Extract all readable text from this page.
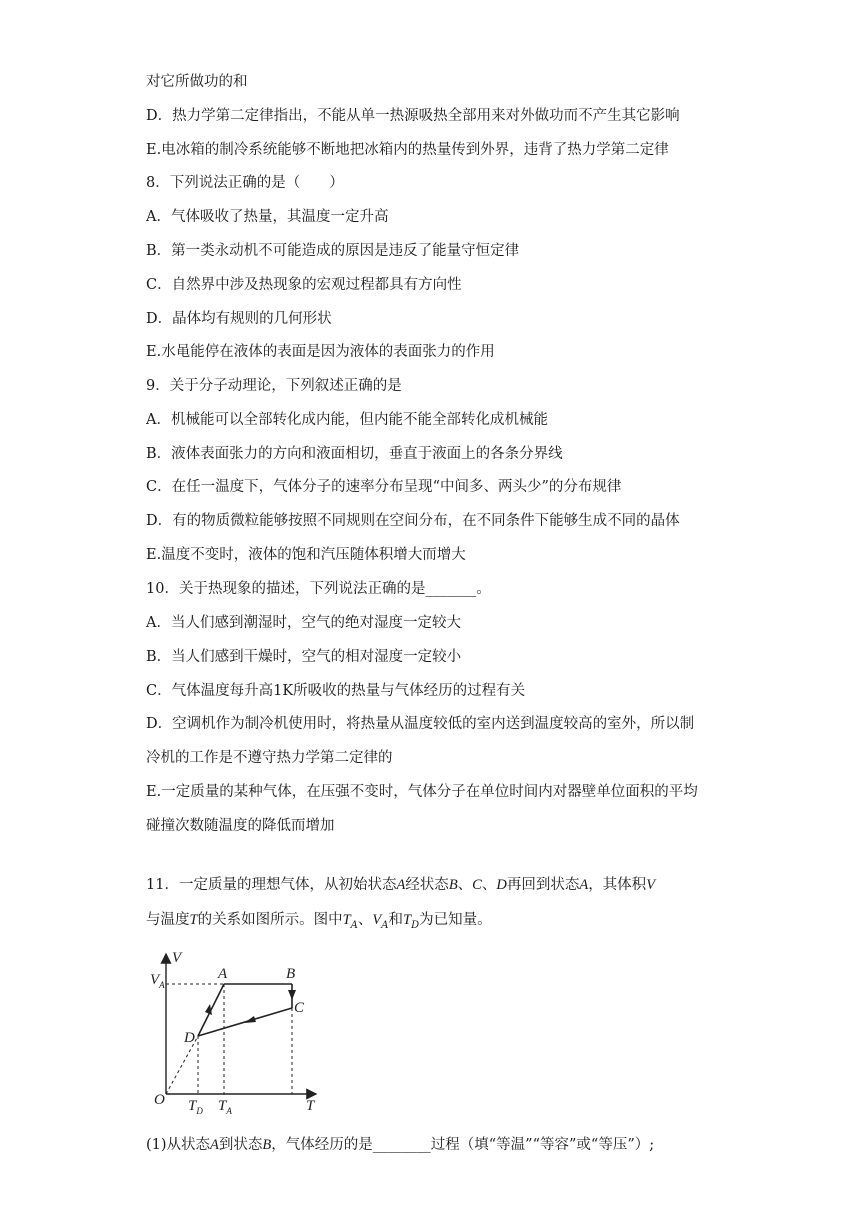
对它所做功的和
D．热力学第二定律指出，不能从单一热源吸热全部用来对外做功而不产生其它影响
E.电冰箱的制冷系统能够不断地把冰箱内的热量传到外界，违背了热力学第二定律
8．下列说法正确的是（　　）
A．气体吸收了热量，其温度一定升高
B．第一类永动机不可能造成的原因是违反了能量守恒定律
C．自然界中涉及热现象的宏观过程都具有方向性
D．晶体均有规则的几何形状
E.水黾能停在液体的表面是因为液体的表面张力的作用
9．关于分子动理论，下列叙述正确的是
A．机械能可以全部转化成内能，但内能不能全部转化成机械能
B．液体表面张力的方向和液面相切，垂直于液面上的各条分界线
C．在任一温度下，气体分子的速率分布呈现“中间多、两头少”的分布规律
D．有的物质微粒能够按照不同规则在空间分布，在不同条件下能够生成不同的晶体
E.温度不变时，液体的饱和汽压随体积增大而增大
10．关于热现象的描述，下列说法正确的是_______。
A．当人们感到潮湿时，空气的绝对湿度一定较大
B．当人们感到干燥时，空气的相对湿度一定较小
C．气体温度每升高1K所吸收的热量与气体经历的过程有关
D．空调机作为制冷机使用时，将热量从温度较低的室内送到温度较高的室外，所以制
冷机的工作是不遵守热力学第二定律的
E.一定质量的某种气体，在压强不变时，气体分子在单位时间内对器壁单位面积的平均
碰撞次数随温度的降低而增加
11．一定质量的理想气体，从初始状态A经状态B、C、D再回到状态A，其体积V
与温度T的关系如图所示。图中$T_A$、$V_A$和$T_D$为已知量。
V
T
O
$V_A$
$T_D$ $T_A$
A	B
C
D
(1)从状态A到状态B，气体经历的是________过程（填“等温”“等容”或“等压”）;
